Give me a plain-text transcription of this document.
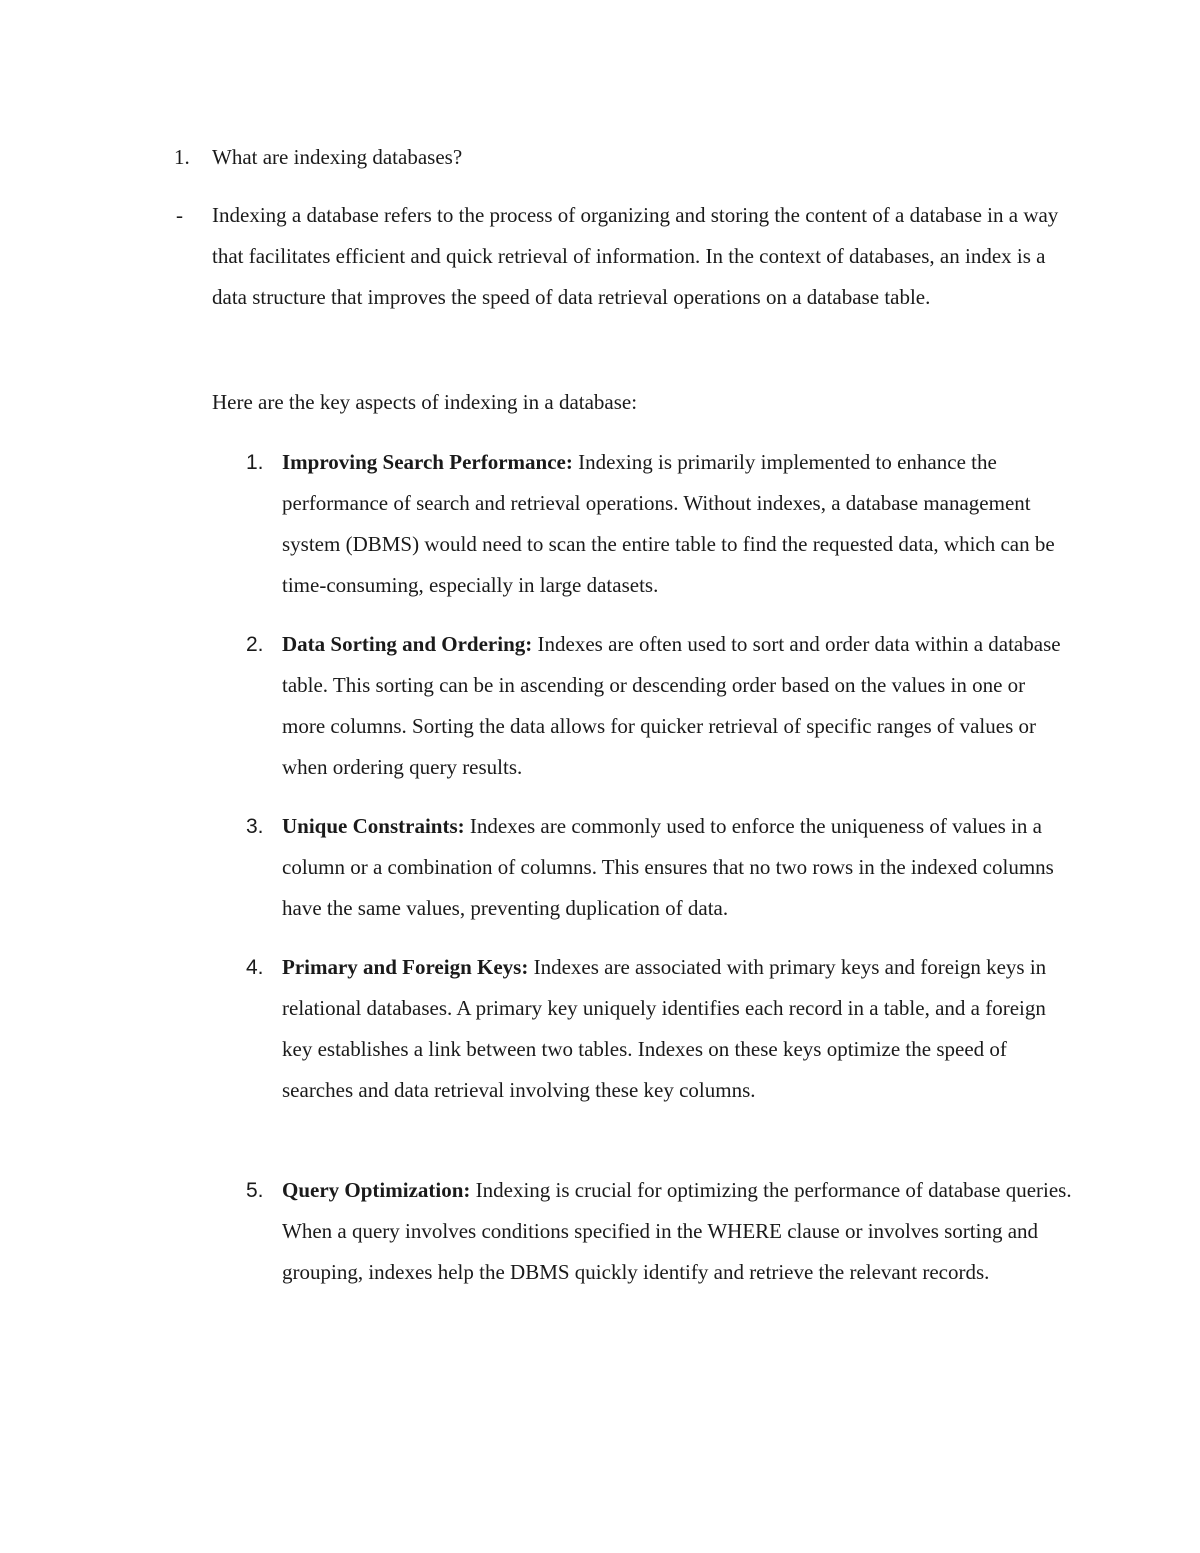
1. What are indexing databases?
- Indexing a database refers to the process of organizing and storing the content of a database in a way that facilitates efficient and quick retrieval of information. In the context of databases, an index is a data structure that improves the speed of data retrieval operations on a database table.
Here are the key aspects of indexing in a database:
1. Improving Search Performance: Indexing is primarily implemented to enhance the performance of search and retrieval operations. Without indexes, a database management system (DBMS) would need to scan the entire table to find the requested data, which can be time-consuming, especially in large datasets.
2. Data Sorting and Ordering: Indexes are often used to sort and order data within a database table. This sorting can be in ascending or descending order based on the values in one or more columns. Sorting the data allows for quicker retrieval of specific ranges of values or when ordering query results.
3. Unique Constraints: Indexes are commonly used to enforce the uniqueness of values in a column or a combination of columns. This ensures that no two rows in the indexed columns have the same values, preventing duplication of data.
4. Primary and Foreign Keys: Indexes are associated with primary keys and foreign keys in relational databases. A primary key uniquely identifies each record in a table, and a foreign key establishes a link between two tables. Indexes on these keys optimize the speed of searches and data retrieval involving these key columns.
5. Query Optimization: Indexing is crucial for optimizing the performance of database queries. When a query involves conditions specified in the WHERE clause or involves sorting and grouping, indexes help the DBMS quickly identify and retrieve the relevant records.
